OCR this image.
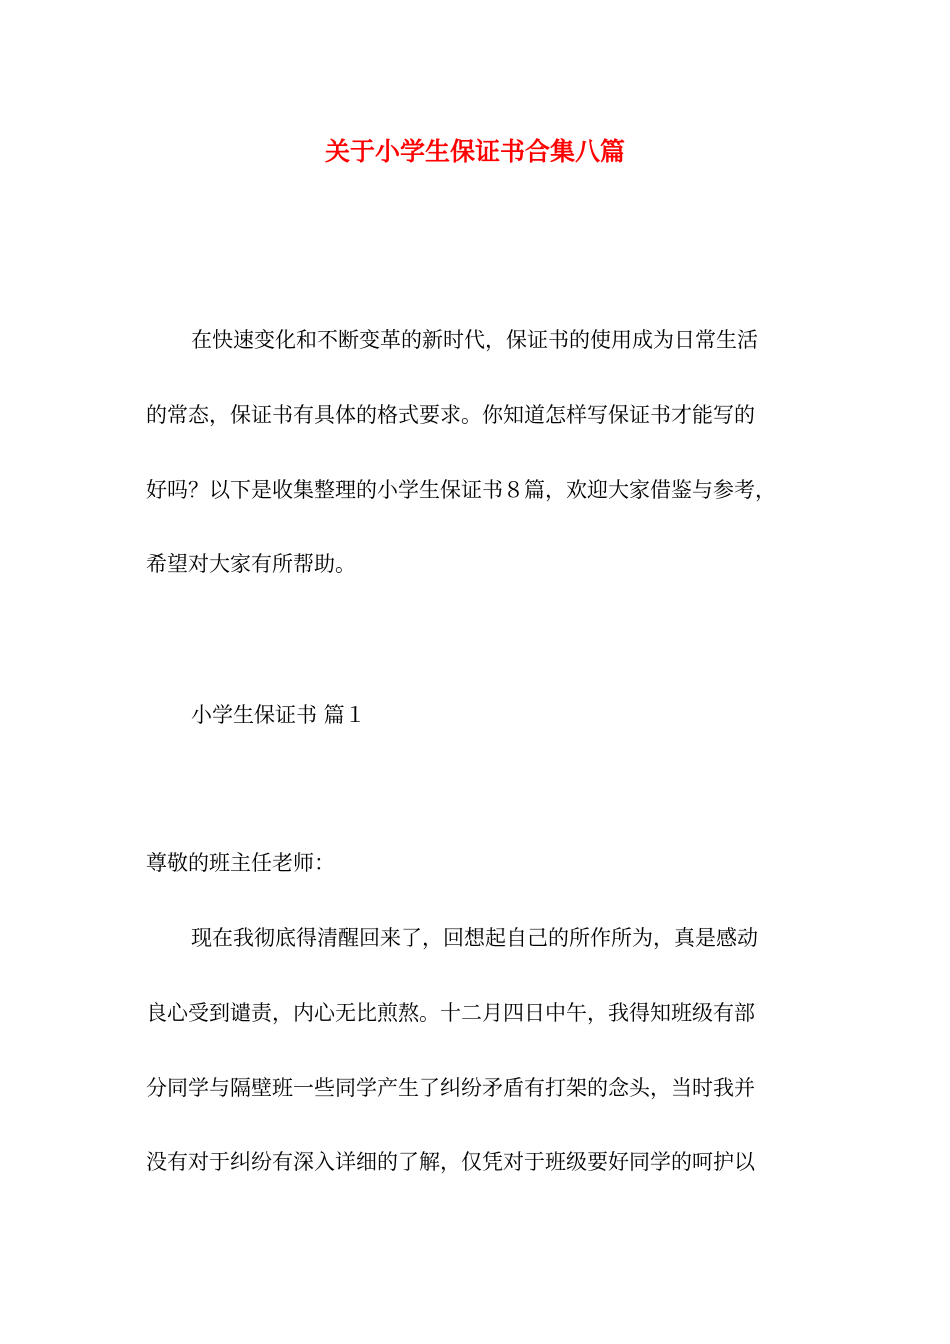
关于小学生保证书合集八篇
在快速变化和不断变革的新时代，保证书的使用成为日常生活
的常态，保证书有具体的格式要求。你知道怎样写保证书才能写的
好吗？以下是收集整理的小学生保证书８篇，欢迎大家借鉴与参考，
希望对大家有所帮助。
小学生保证书 篇１
尊敬的班主任老师：
现在我彻底得清醒回来了，回想起自己的所作所为，真是感动
良心受到谴责，内心无比煎熬。十二月四日中午，我得知班级有部
分同学与隔壁班一些同学产生了纠纷矛盾有打架的念头，当时我并
没有对于纠纷有深入详细的了解，仅凭对于班级要好同学的呵护以
